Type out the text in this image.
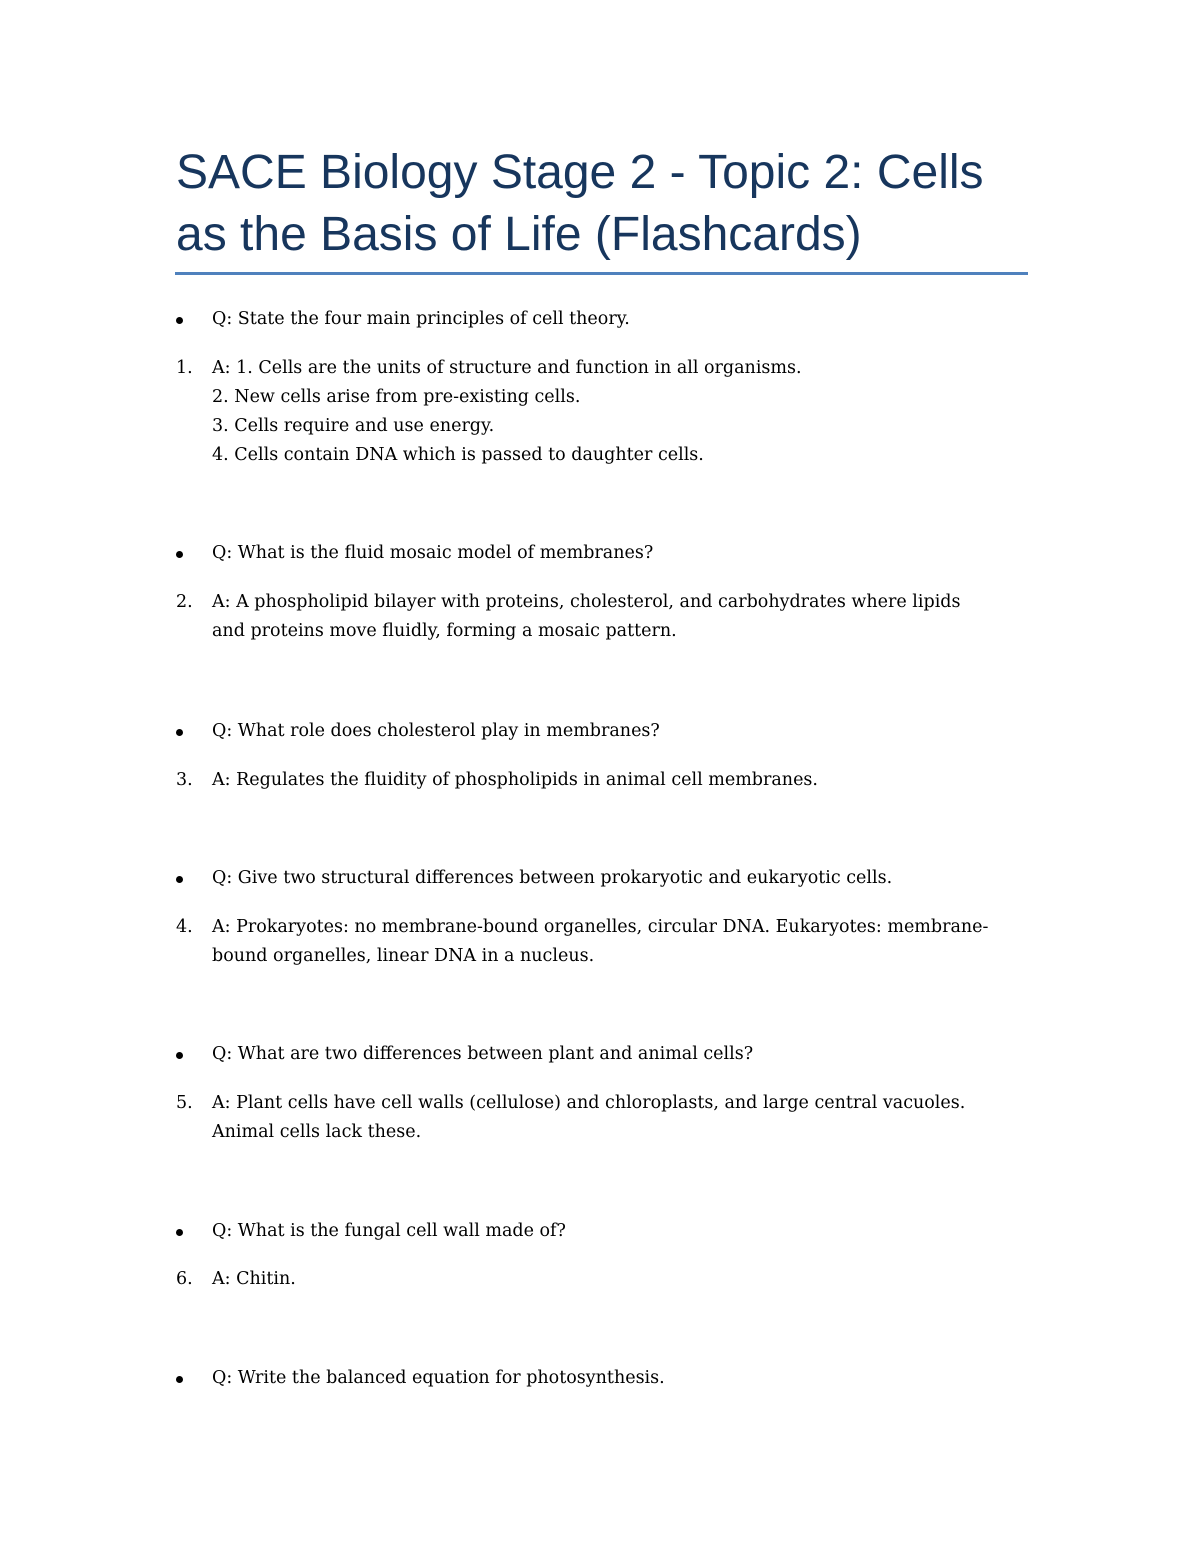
SACE Biology Stage 2 - Topic 2: Cells as the Basis of Life (Flashcards)
Q: State the four main principles of cell theory.
1. A: 1. Cells are the units of structure and function in all organisms.
2. New cells arise from pre-existing cells.
3. Cells require and use energy.
4. Cells contain DNA which is passed to daughter cells.
Q: What is the fluid mosaic model of membranes?
2. A: A phospholipid bilayer with proteins, cholesterol, and carbohydrates where lipids
and proteins move fluidly, forming a mosaic pattern.
Q: What role does cholesterol play in membranes?
3. A: Regulates the fluidity of phospholipids in animal cell membranes.
Q: Give two structural differences between prokaryotic and eukaryotic cells.
4. A: Prokaryotes: no membrane-bound organelles, circular DNA. Eukaryotes: membrane-
bound organelles, linear DNA in a nucleus.
Q: What are two differences between plant and animal cells?
5. A: Plant cells have cell walls (cellulose) and chloroplasts, and large central vacuoles.
Animal cells lack these.
Q: What is the fungal cell wall made of?
6. A: Chitin.
Q: Write the balanced equation for photosynthesis.
